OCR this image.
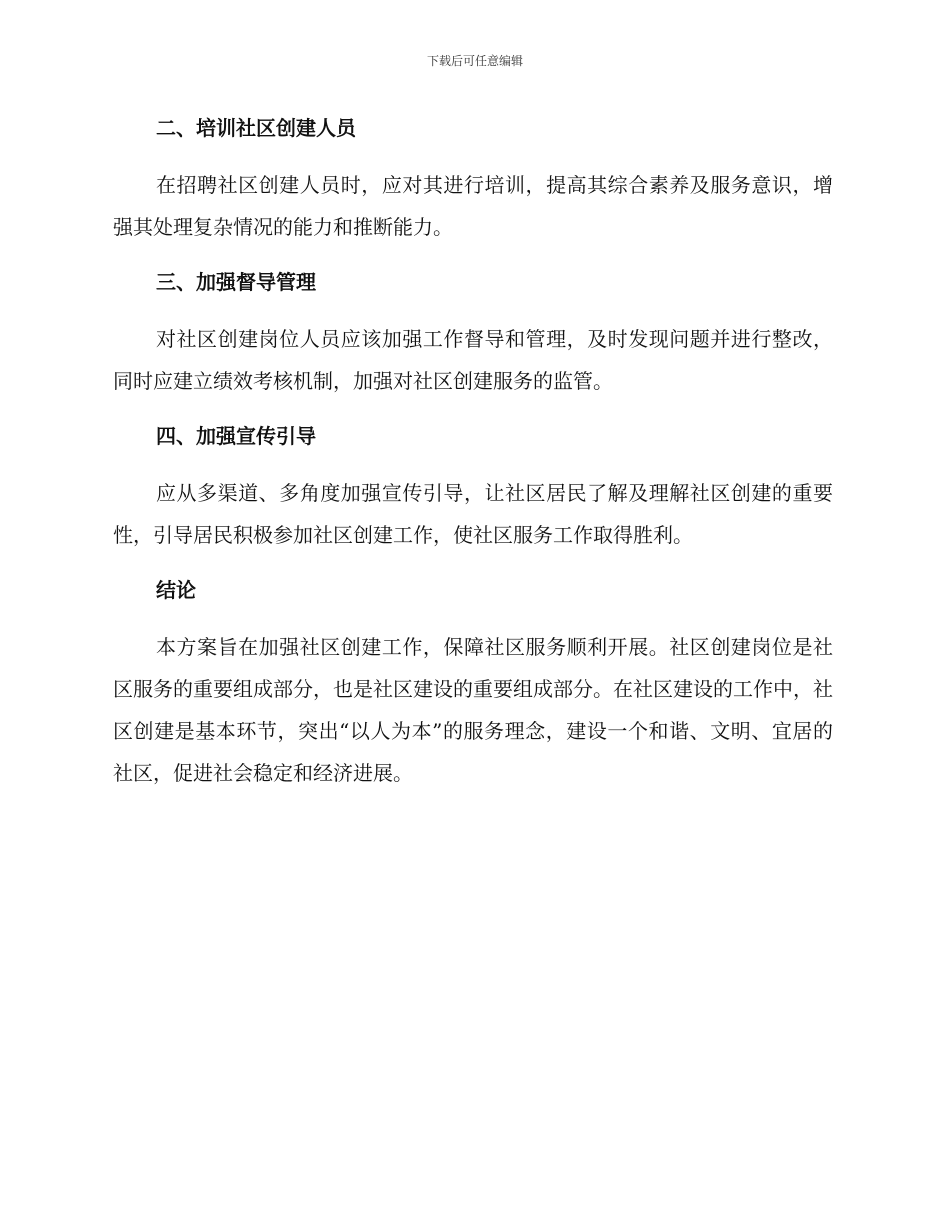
下载后可任意编辑
二、培训社区创建人员

在招聘社区创建人员时，应对其进行培训，提高其综合素养及服务意识，增强其处理复杂情况的能力和推断能力。

三、加强督导管理

对社区创建岗位人员应该加强工作督导和管理，及时发现问题并进行整改，同时应建立绩效考核机制，加强对社区创建服务的监管。

四、加强宣传引导

应从多渠道、多角度加强宣传引导，让社区居民了解及理解社区创建的重要性，引导居民积极参加社区创建工作，使社区服务工作取得胜利。

结论

本方案旨在加强社区创建工作，保障社区服务顺利开展。社区创建岗位是社区服务的重要组成部分，也是社区建设的重要组成部分。在社区建设的工作中，社区创建是基本环节，突出“以人为本”的服务理念，建设一个和谐、文明、宜居的社区，促进社会稳定和经济进展。
